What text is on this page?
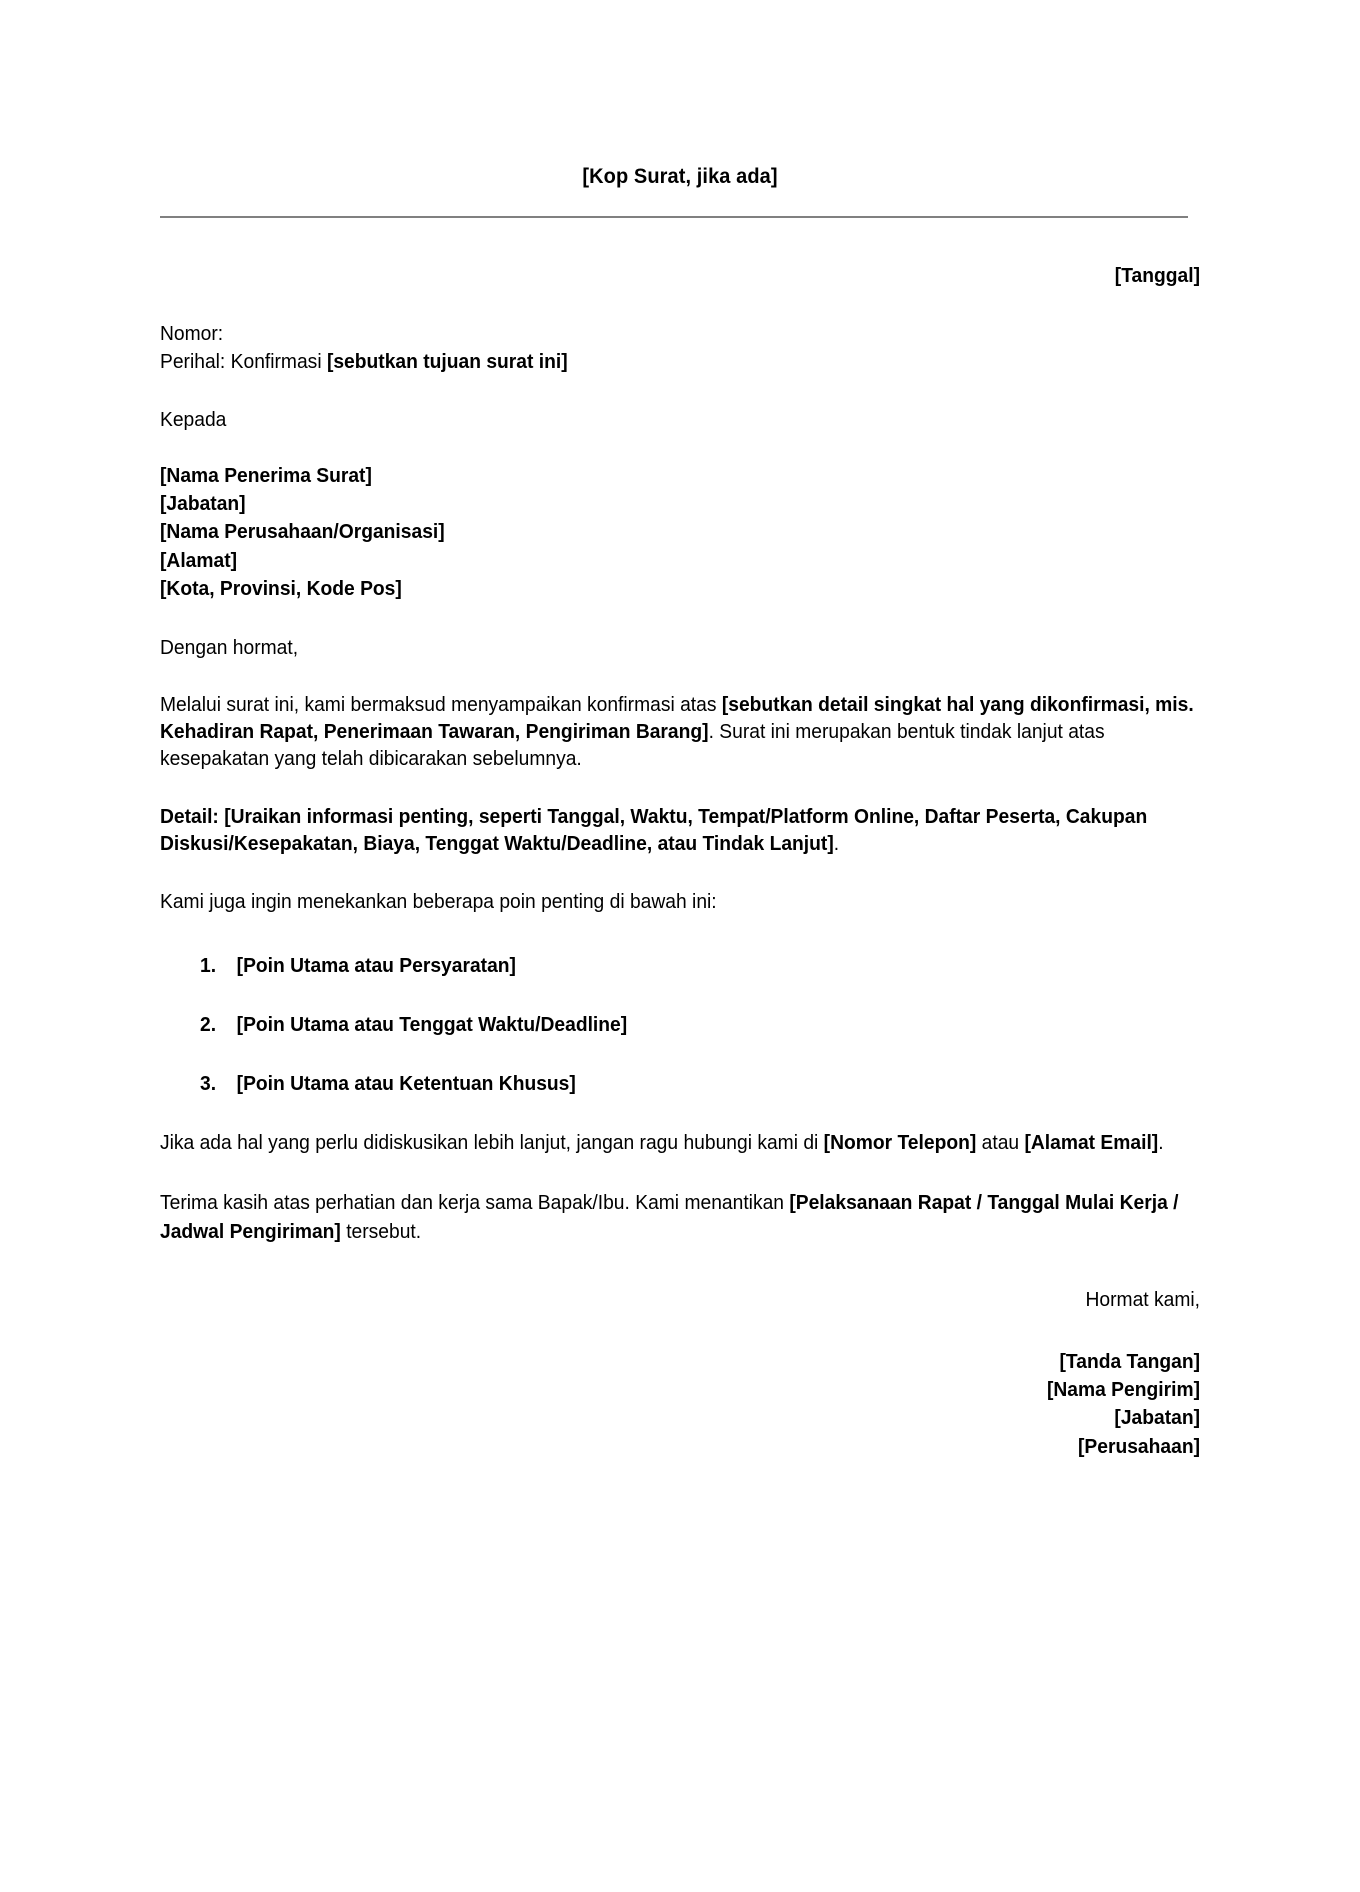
[Kop Surat, jika ada]
[Tanggal]
Nomor:
Perihal: Konfirmasi [sebutkan tujuan surat ini]
Kepada
[Nama Penerima Surat]
[Jabatan]
[Nama Perusahaan/Organisasi]
[Alamat]
[Kota, Provinsi, Kode Pos]
Dengan hormat,
Melalui surat ini, kami bermaksud menyampaikan konfirmasi atas [sebutkan detail singkat hal yang dikonfirmasi, mis. Kehadiran Rapat, Penerimaan Tawaran, Pengiriman Barang]. Surat ini merupakan bentuk tindak lanjut atas kesepakatan yang telah dibicarakan sebelumnya.
Detail: [Uraikan informasi penting, seperti Tanggal, Waktu, Tempat/Platform Online, Daftar Peserta, Cakupan Diskusi/Kesepakatan, Biaya, Tenggat Waktu/Deadline, atau Tindak Lanjut].
Kami juga ingin menekankan beberapa poin penting di bawah ini:
1. [Poin Utama atau Persyaratan]
2. [Poin Utama atau Tenggat Waktu/Deadline]
3. [Poin Utama atau Ketentuan Khusus]
Jika ada hal yang perlu didiskusikan lebih lanjut, jangan ragu hubungi kami di [Nomor Telepon] atau [Alamat Email].
Terima kasih atas perhatian dan kerja sama Bapak/Ibu. Kami menantikan [Pelaksanaan Rapat / Tanggal Mulai Kerja / Jadwal Pengiriman] tersebut.
Hormat kami,
[Tanda Tangan]
[Nama Pengirim]
[Jabatan]
[Perusahaan]
